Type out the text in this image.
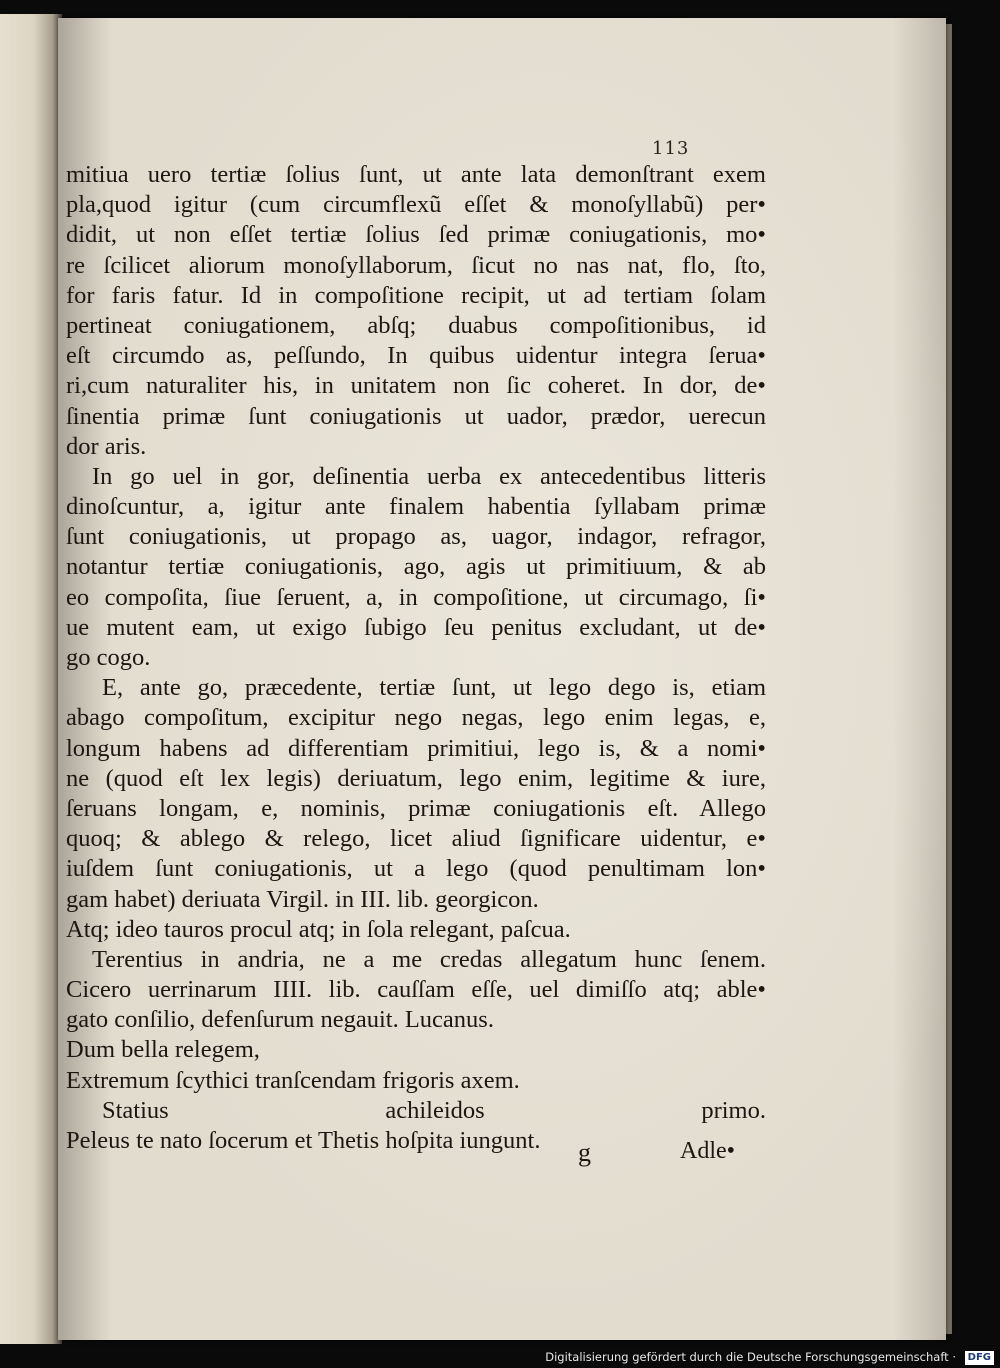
113
mitiua uero tertiæ ſolius ſunt, ut ante lata demonſtrant exem
pla,quod igitur (cum circumflexũ eſſet & monoſyllabũ) per•
didit, ut non eſſet tertiæ ſolius ſed primæ coniugationis, mo•
re ſcilicet aliorum monoſyllaborum, ſicut no nas nat, flo, ſto,
for faris fatur. Id in compoſitione recipit, ut ad tertiam ſolam
pertineat coniugationem, abſq; duabus compoſitionibus, id
eſt circumdo as, peſſundo, In quibus uidentur integra ſerua•
ri,cum naturaliter his, in unitatem non ſic coheret. In dor, de•
ſinentia primæ ſunt coniugationis ut uador, prædor, uerecun
dor aris.
In go uel in gor, deſinentia uerba ex antecedentibus litteris
dinoſcuntur, a, igitur ante finalem habentia ſyllabam primæ
ſunt coniugationis, ut propago as, uagor, indagor, refragor,
notantur tertiæ coniugationis, ago, agis ut primitiuum, & ab
eo compoſita, ſiue ſeruent, a, in compoſitione, ut circumago, ſi•
ue mutent eam, ut exigo ſubigo ſeu penitus excludant, ut de•
go cogo.
E, ante go, præcedente, tertiæ ſunt, ut lego dego is, etiam
abago compoſitum, excipitur nego negas, lego enim legas, e,
longum habens ad differentiam primitiui, lego is, & a nomi•
ne (quod eſt lex legis) deriuatum, lego enim, legitime & iure,
ſeruans longam, e, nominis, primæ coniugationis eſt. Allego
quoq; & ablego & relego, licet aliud ſignificare uidentur, e•
iuſdem ſunt coniugationis, ut a lego (quod penultimam lon•
gam habet) deriuata Virgil. in III. lib. georgicon.
Atq; ideo tauros procul atq; in ſola relegant, paſcua.
Terentius in andria, ne a me credas allegatum hunc ſenem.
Cicero uerrinarum IIII. lib. cauſſam eſſe, uel dimiſſo atq; able•
gato conſilio, defenſurum negauit. Lucanus.
Dum bella relegem,
Extremum ſcythici tranſcendam frigoris axem.
Statius achileidos primo.
Peleus te nato ſocerum et Thetis hoſpita iungunt.	g	Adle•
Digitalisierung gefördert durch die Deutsche Forschungsgemeinschaft ·	DFG
